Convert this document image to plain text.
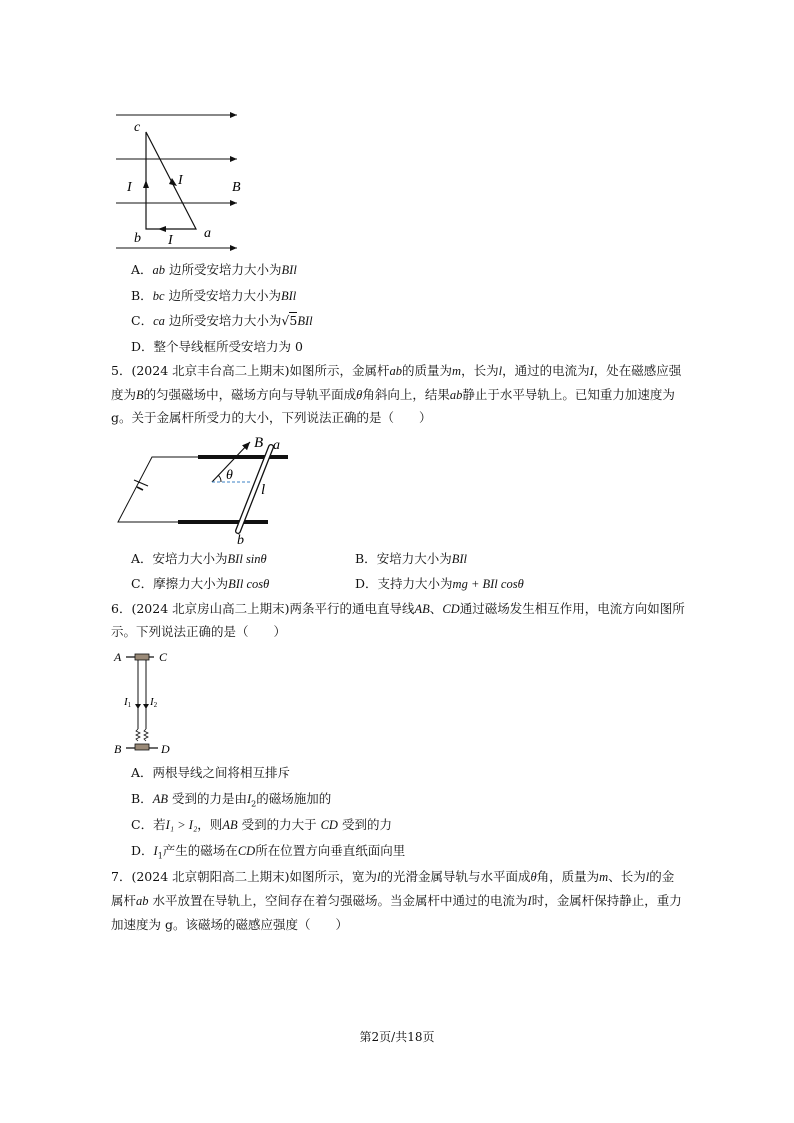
c
b	a
I	I
I
B
A．ab 边所受安培力大小为BIl
B．bc 边所受安培力大小为BIl
C．ca 边所受安培力大小为√5BIl
D．整个导线框所受安培力为 0
5．(2024 北京丰台高二上期末)如图所示，金属杆ab的质量为m，长为l，通过的电流为I，处在磁感应强
度为B的匀强磁场中，磁场方向与导轨平面成θ角斜向上，结果ab静止于水平导轨上。已知重力加速度为
g。关于金属杆所受力的大小，下列说法正确的是（　　）
θ
B a
l
b
A．安培力大小为BIl sinθ	B．安培力大小为BIl
C．摩擦力大小为BIl cosθ	D．支持力大小为mg + BIl cosθ
6．(2024 北京房山高二上期末)两条平行的通电直导线AB、CD通过磁场发生相互作用，电流方向如图所
示。下列说法正确的是（　　）
A	C
B	D
I1 I2
A．两根导线之间将相互排斥
B．AB 受到的力是由$I_2$的磁场施加的
C．若I₁ > I₂，则AB 受到的力大于 CD 受到的力
D．$I_1$产生的磁场在CD所在位置方向垂直纸面向里
7．(2024 北京朝阳高二上期末)如图所示，宽为l的光滑金属导轨与水平面成θ角，质量为m、长为l的金
属杆ab 水平放置在导轨上，空间存在着匀强磁场。当金属杆中通过的电流为I时，金属杆保持静止，重力
加速度为 g。该磁场的磁感应强度（　　）
第2页/共18页
